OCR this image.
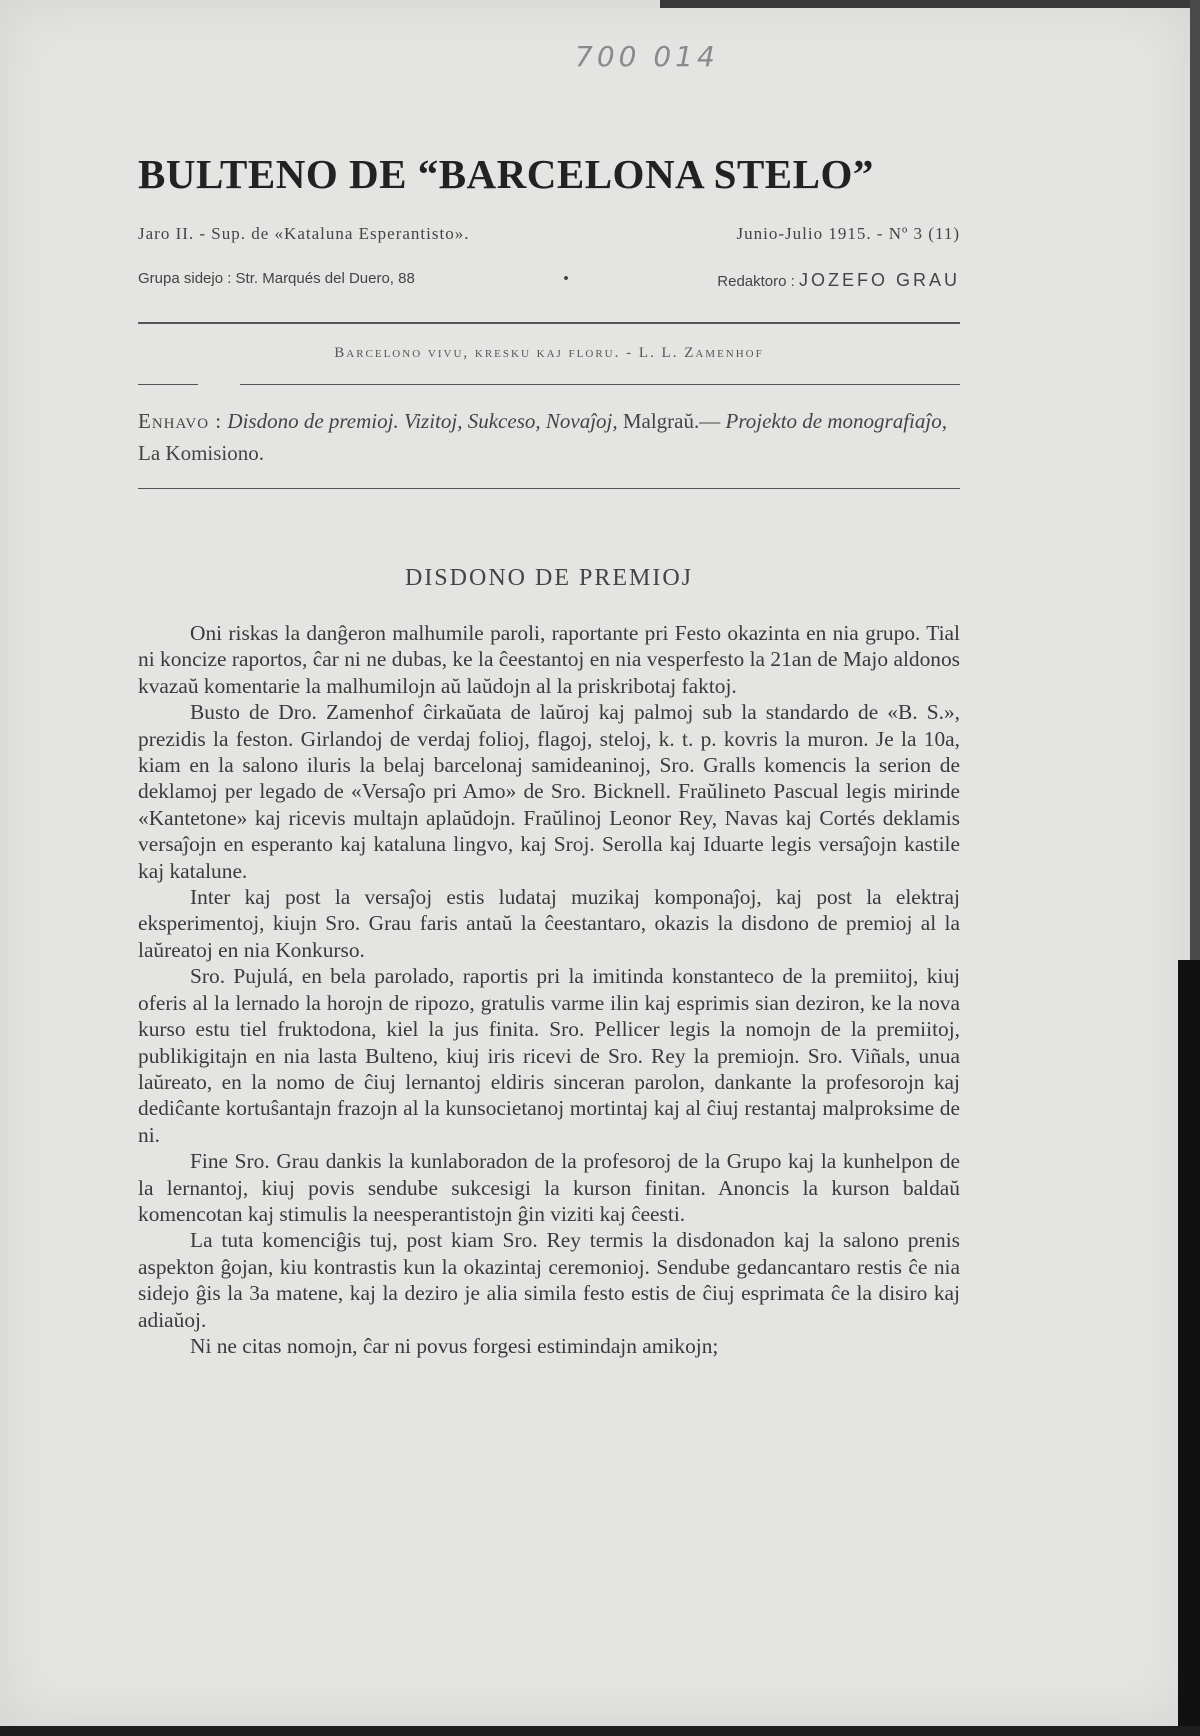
700 014
BULTENO DE “BARCELONA STELO”
Jaro II. - Sup. de «Kataluna Esperantisto».	Junio-Julio 1915. - Nº 3 (11)
Grupa sidejo : Str. Marqués del Duero, 88	•	Redaktoro : JOZEFO GRAU
Barcelono vivu, kresku kaj floru. - L. L. Zamenhof
Enhavo : Disdono de premioj. Vizitoj, Sukceso, Novaĵoj, Malgraŭ.— Projekto de monografiaĵo, La Komisiono.
DISDONO DE PREMIOJ

Oni riskas la danĝeron malhumile paroli, raportante pri Festo okazinta en nia grupo. Tial ni koncize raportos, ĉar ni ne dubas, ke la ĉeestantoj en nia vesperfesto la 21an de Majo aldonos kvazaŭ komentarie la malhumilojn aŭ laŭdojn al la priskribotaj faktoj.

Busto de Dro. Zamenhof ĉirkaŭata de laŭroj kaj palmoj sub la standardo de «B. S.», prezidis la feston. Girlandoj de verdaj folioj, flagoj, steloj, k. t. p. kovris la muron. Je la 10a, kiam en la salono iluris la belaj barcelonaj samideaninoj, Sro. Gralls komencis la serion de deklamoj per legado de «Versaĵo pri Amo» de Sro. Bicknell. Fraŭlineto Pascual legis mirinde «Kantetone» kaj ricevis multajn aplaŭdojn. Fraŭlinoj Leonor Rey, Navas kaj Cortés deklamis versaĵojn en esperanto kaj kataluna lingvo, kaj Sroj. Serolla kaj Iduarte legis versaĵojn kastile kaj katalune.

Inter kaj post la versaĵoj estis ludataj muzikaj komponaĵoj, kaj post la elektraj eksperimentoj, kiujn Sro. Grau faris antaŭ la ĉeestantaro, okazis la disdono de premioj al la laŭreatoj en nia Konkurso.

Sro. Pujulá, en bela parolado, raportis pri la imitinda konstanteco de la premiitoj, kiuj oferis al la lernado la horojn de ripozo, gratulis varme ilin kaj esprimis sian deziron, ke la nova kurso estu tiel fruktodona, kiel la jus finita. Sro. Pellicer legis la nomojn de la premiitoj, publikigitajn en nia lasta Bulteno, kiuj iris ricevi de Sro. Rey la premiojn. Sro. Viñals, unua laŭreato, en la nomo de ĉiuj lernantoj eldiris sinceran parolon, dankante la profesorojn kaj dediĉante kortuŝantajn frazojn al la kunsocietanoj mortintaj kaj al ĉiuj restantaj malproksime de ni.

Fine Sro. Grau dankis la kunlaboradon de la profesoroj de la Grupo kaj la kunhelpon de la lernantoj, kiuj povis sendube sukcesigi la kurson finitan. Anoncis la kurson baldaŭ komencotan kaj stimulis la neesperantistojn ĝin viziti kaj ĉeesti.

La tuta komenciĝis tuj, post kiam Sro. Rey termis la disdonadon kaj la salono prenis aspekton ĝojan, kiu kontrastis kun la okazintaj ceremonioj. Sendube gedancantaro restis ĉe nia sidejo ĝis la 3a matene, kaj la deziro je alia simila festo estis de ĉiuj esprimata ĉe la disiro kaj adiaŭoj.

Ni ne citas nomojn, ĉar ni povus forgesi estimindajn amikojn;
